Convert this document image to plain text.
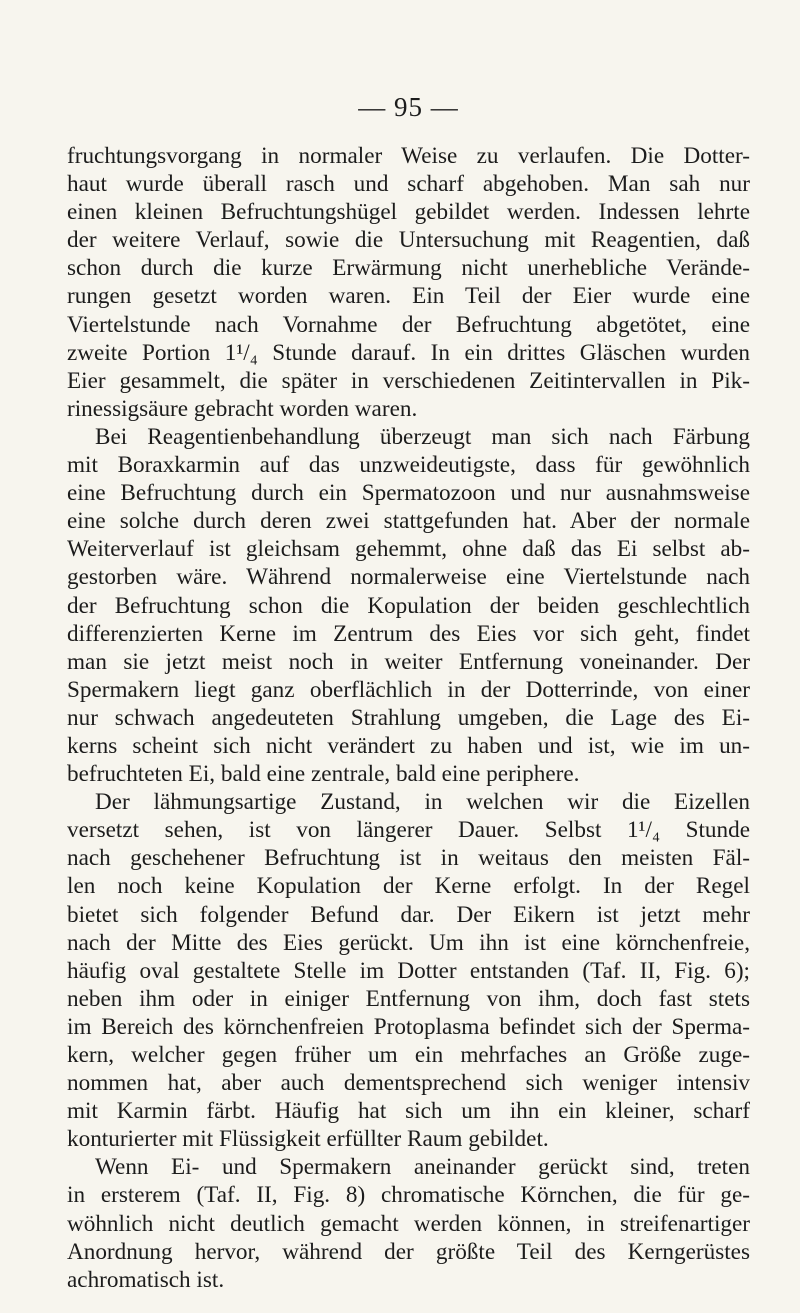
— 95 —
fruchtungsvorgang in normaler Weise zu verlaufen. Die Dotter-
haut wurde überall rasch und scharf abgehoben. Man sah nur
einen kleinen Befruchtungshügel gebildet werden. Indessen lehrte
der weitere Verlauf, sowie die Untersuchung mit Reagentien, daß
schon durch die kurze Erwärmung nicht unerhebliche Verände-
rungen gesetzt worden waren. Ein Teil der Eier wurde eine
Viertelstunde nach Vornahme der Befruchtung abgetötet, eine
zweite Portion 1¹/₄ Stunde darauf. In ein drittes Gläschen wurden
Eier gesammelt, die später in verschiedenen Zeitintervallen in Pik-
rinessigsäure gebracht worden waren.
Bei Reagentienbehandlung überzeugt man sich nach Färbung
mit Boraxkarmin auf das unzweideutigste, dass für gewöhnlich
eine Befruchtung durch ein Spermatozoon und nur ausnahmsweise
eine solche durch deren zwei stattgefunden hat. Aber der normale
Weiterverlauf ist gleichsam gehemmt, ohne daß das Ei selbst ab-
gestorben wäre. Während normalerweise eine Viertelstunde nach
der Befruchtung schon die Kopulation der beiden geschlechtlich
differenzierten Kerne im Zentrum des Eies vor sich geht, findet
man sie jetzt meist noch in weiter Entfernung voneinander. Der
Spermakern liegt ganz oberflächlich in der Dotterrinde, von einer
nur schwach angedeuteten Strahlung umgeben, die Lage des Ei-
kerns scheint sich nicht verändert zu haben und ist, wie im un-
befruchteten Ei, bald eine zentrale, bald eine periphere.
Der lähmungsartige Zustand, in welchen wir die Eizellen
versetzt sehen, ist von längerer Dauer. Selbst 1¹/₄ Stunde
nach geschehener Befruchtung ist in weitaus den meisten Fäl-
len noch keine Kopulation der Kerne erfolgt. In der Regel
bietet sich folgender Befund dar. Der Eikern ist jetzt mehr
nach der Mitte des Eies gerückt. Um ihn ist eine körnchenfreie,
häufig oval gestaltete Stelle im Dotter entstanden (Taf. II, Fig. 6);
neben ihm oder in einiger Entfernung von ihm, doch fast stets
im Bereich des körnchenfreien Protoplasma befindet sich der Sperma-
kern, welcher gegen früher um ein mehrfaches an Größe zuge-
nommen hat, aber auch dementsprechend sich weniger intensiv
mit Karmin färbt. Häufig hat sich um ihn ein kleiner, scharf
konturierter mit Flüssigkeit erfüllter Raum gebildet.
Wenn Ei- und Spermakern aneinander gerückt sind, treten
in ersterem (Taf. II, Fig. 8) chromatische Körnchen, die für ge-
wöhnlich nicht deutlich gemacht werden können, in streifenartiger
Anordnung hervor, während der größte Teil des Kerngerüstes
achromatisch ist.
